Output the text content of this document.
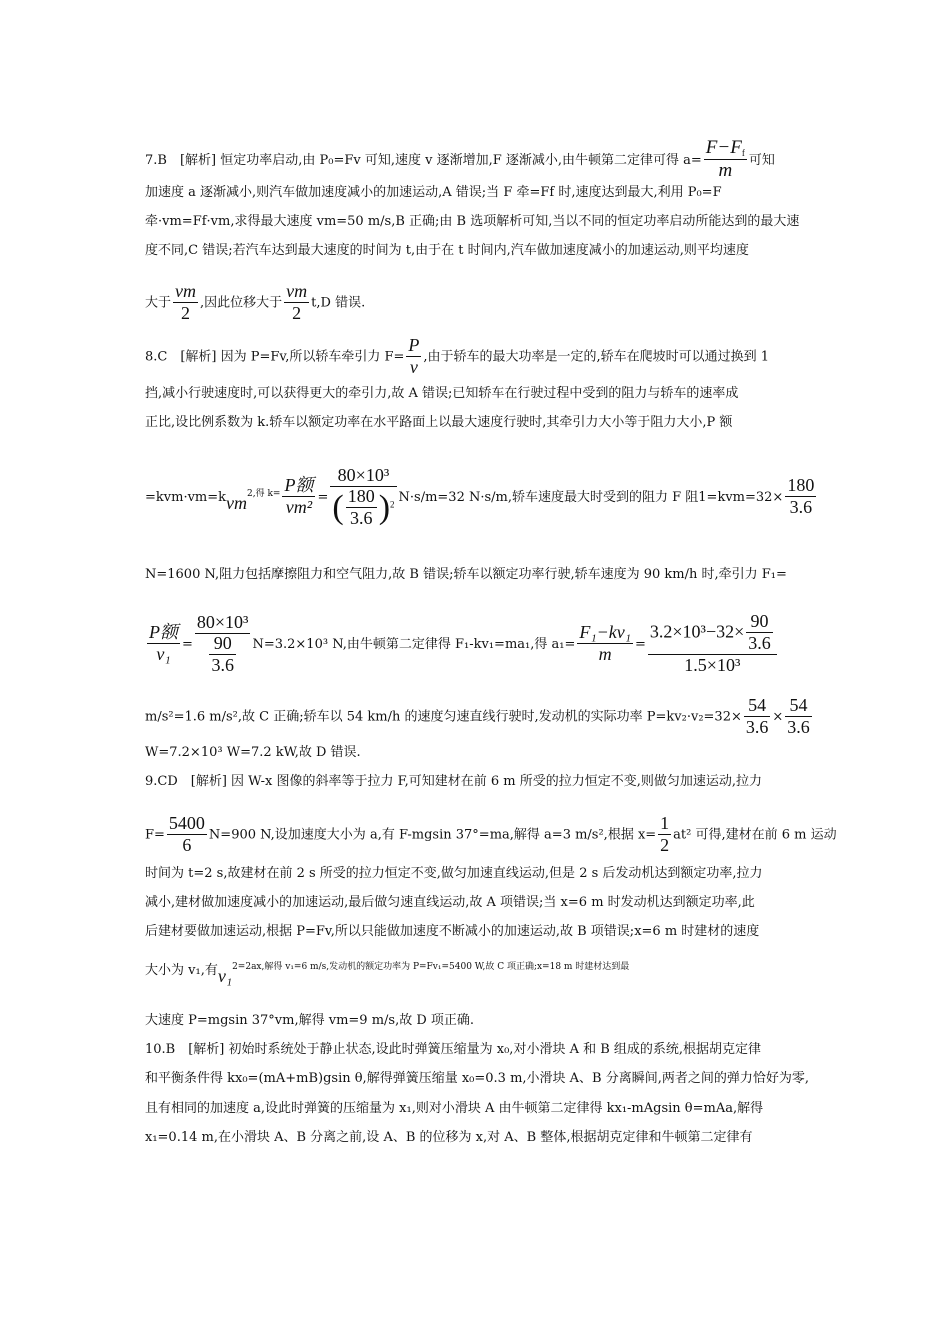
7.B　[解析] 恒定功率启动,由 P₀=Fv 可知,速度 v 逐渐增加,F 逐渐减小,由牛顿第二定律可得 $a= \frac{F-F_f}{m}$ 可知
加速度 a 逐渐减小,则汽车做加速度减小的加速运动,A 错误;当 F 牵=Ff 时,速度达到最大,利用 P₀=F
牵·vm=Ff·vm,求得最大速度 vm=50 m/s,B 正确;由 B 选项解析可知,当以不同的恒定功率启动所能达到的最大速
度不同,C 错误;若汽车达到最大速度的时间为 t,由于在 t 时间内,汽车做加速度减小的加速运动,则平均速度
大于 $\frac{vm}{2}$ ,因此位移大于 $\frac{vm}{2} t,D$ 错误.
8.C　[解析] 因为 P=Fv,所以轿车牵引力 $F= \frac{P}{v}$ ,由于轿车的最大功率是一定的,轿车在爬坡时可以通过换到 1
挡,减小行驶速度时,可以获得更大的牵引力,故 A 错误;已知轿车在行驶过程中受到的阻力与轿车的速率成
正比,设比例系数为 k.轿车以额定功率在水平路面上以最大速度行驶时,其牵引力大小等于阻力大小,P 额
$=kvm\cdot vm=kvm^{2,得 k=} \frac{\text{P额}}{\text{vm²}} = \frac{\text{80×10³}}{( \frac{180}{3.6} )^2} N\cdot s/m=32$ N·s/m,轿车速度最大时受到的阻力 F 阻$1=kvm=32\times \frac{180}{3.6}$
N=1600 N,阻力包括摩擦阻力和空气阻力,故 B 错误;轿车以额定功率行驶,轿车速度为 90 km/h 时,牵引力 F₁=
$\frac{\text{P额}}{\text{v₁}} = \frac{\text{80×10³}}{\frac{90}{3.6}} N=3.2\times 10^3$ N,由牛顿第二定律得 F₁-kv₁=ma₁,得 $a_1= \frac{\text{F₁−kv₁}}{m} = \frac{3.2\times 10^3-32\times \frac{90}{3.6}}{\text{1.5×10³}}$
m/s²=1.6 m/s²,故 C 正确;轿车以 54 km/h 的速度匀速直线行驶时,发动机的实际功率 $P=kv_2\cdot v_2=32\times \frac{54}{3.6} \times \frac{54}{3.6}$
W=7.2×10³ W=7.2 kW,故 D 错误.
9.CD　[解析] 因 W-x 图像的斜率等于拉力 F,可知建材在前 6 m 所受的拉力恒定不变,则做匀加速运动,拉力
$F= \frac{5400}{6} N=900$ N,设加速度大小为 a,有 F-mgsin 37°=ma,解得 a=3 m/s²,根据 $x= \frac{1}{2} at^2$ 可得,建材在前 6 m 运动
时间为 t=2 s,故建材在前 2 s 所受的拉力恒定不变,做匀加速直线运动,但是 2 s 后发动机达到额定功率,拉力
减小,建材做加速度减小的加速运动,最后做匀速直线运动,故 A 项错误;当 x=6 m 时发动机达到额定功率,此
后建材要做加速运动,根据 P=Fv,所以只能做加速度不断减小的加速运动,故 B 项错误;x=6 m 时建材的速度
大小为 v₁,有v₁$^{2=2ax,解得 v_1=6 m/s,发动机的额定功率为 P=Fv_1=5400 W,故 C 项正确;x=18 m 时建材达到最}$
大速度 P=mgsin 37°vm,解得 vm=9 m/s,故 D 项正确.
10.B　[解析] 初始时系统处于静止状态,设此时弹簧压缩量为 x₀,对小滑块 A 和 B 组成的系统,根据胡克定律
和平衡条件得 kx₀=(mA+mB)gsin θ,解得弹簧压缩量 x₀=0.3 m,小滑块 A、B 分离瞬间,两者之间的弹力恰好为零,
且有相同的加速度 a,设此时弹簧的压缩量为 x₁,则对小滑块 A 由牛顿第二定律得 kx₁-mAgsin θ=mAa,解得
x₁=0.14 m,在小滑块 A、B 分离之前,设 A、B 的位移为 x,对 A、B 整体,根据胡克定律和牛顿第二定律有
